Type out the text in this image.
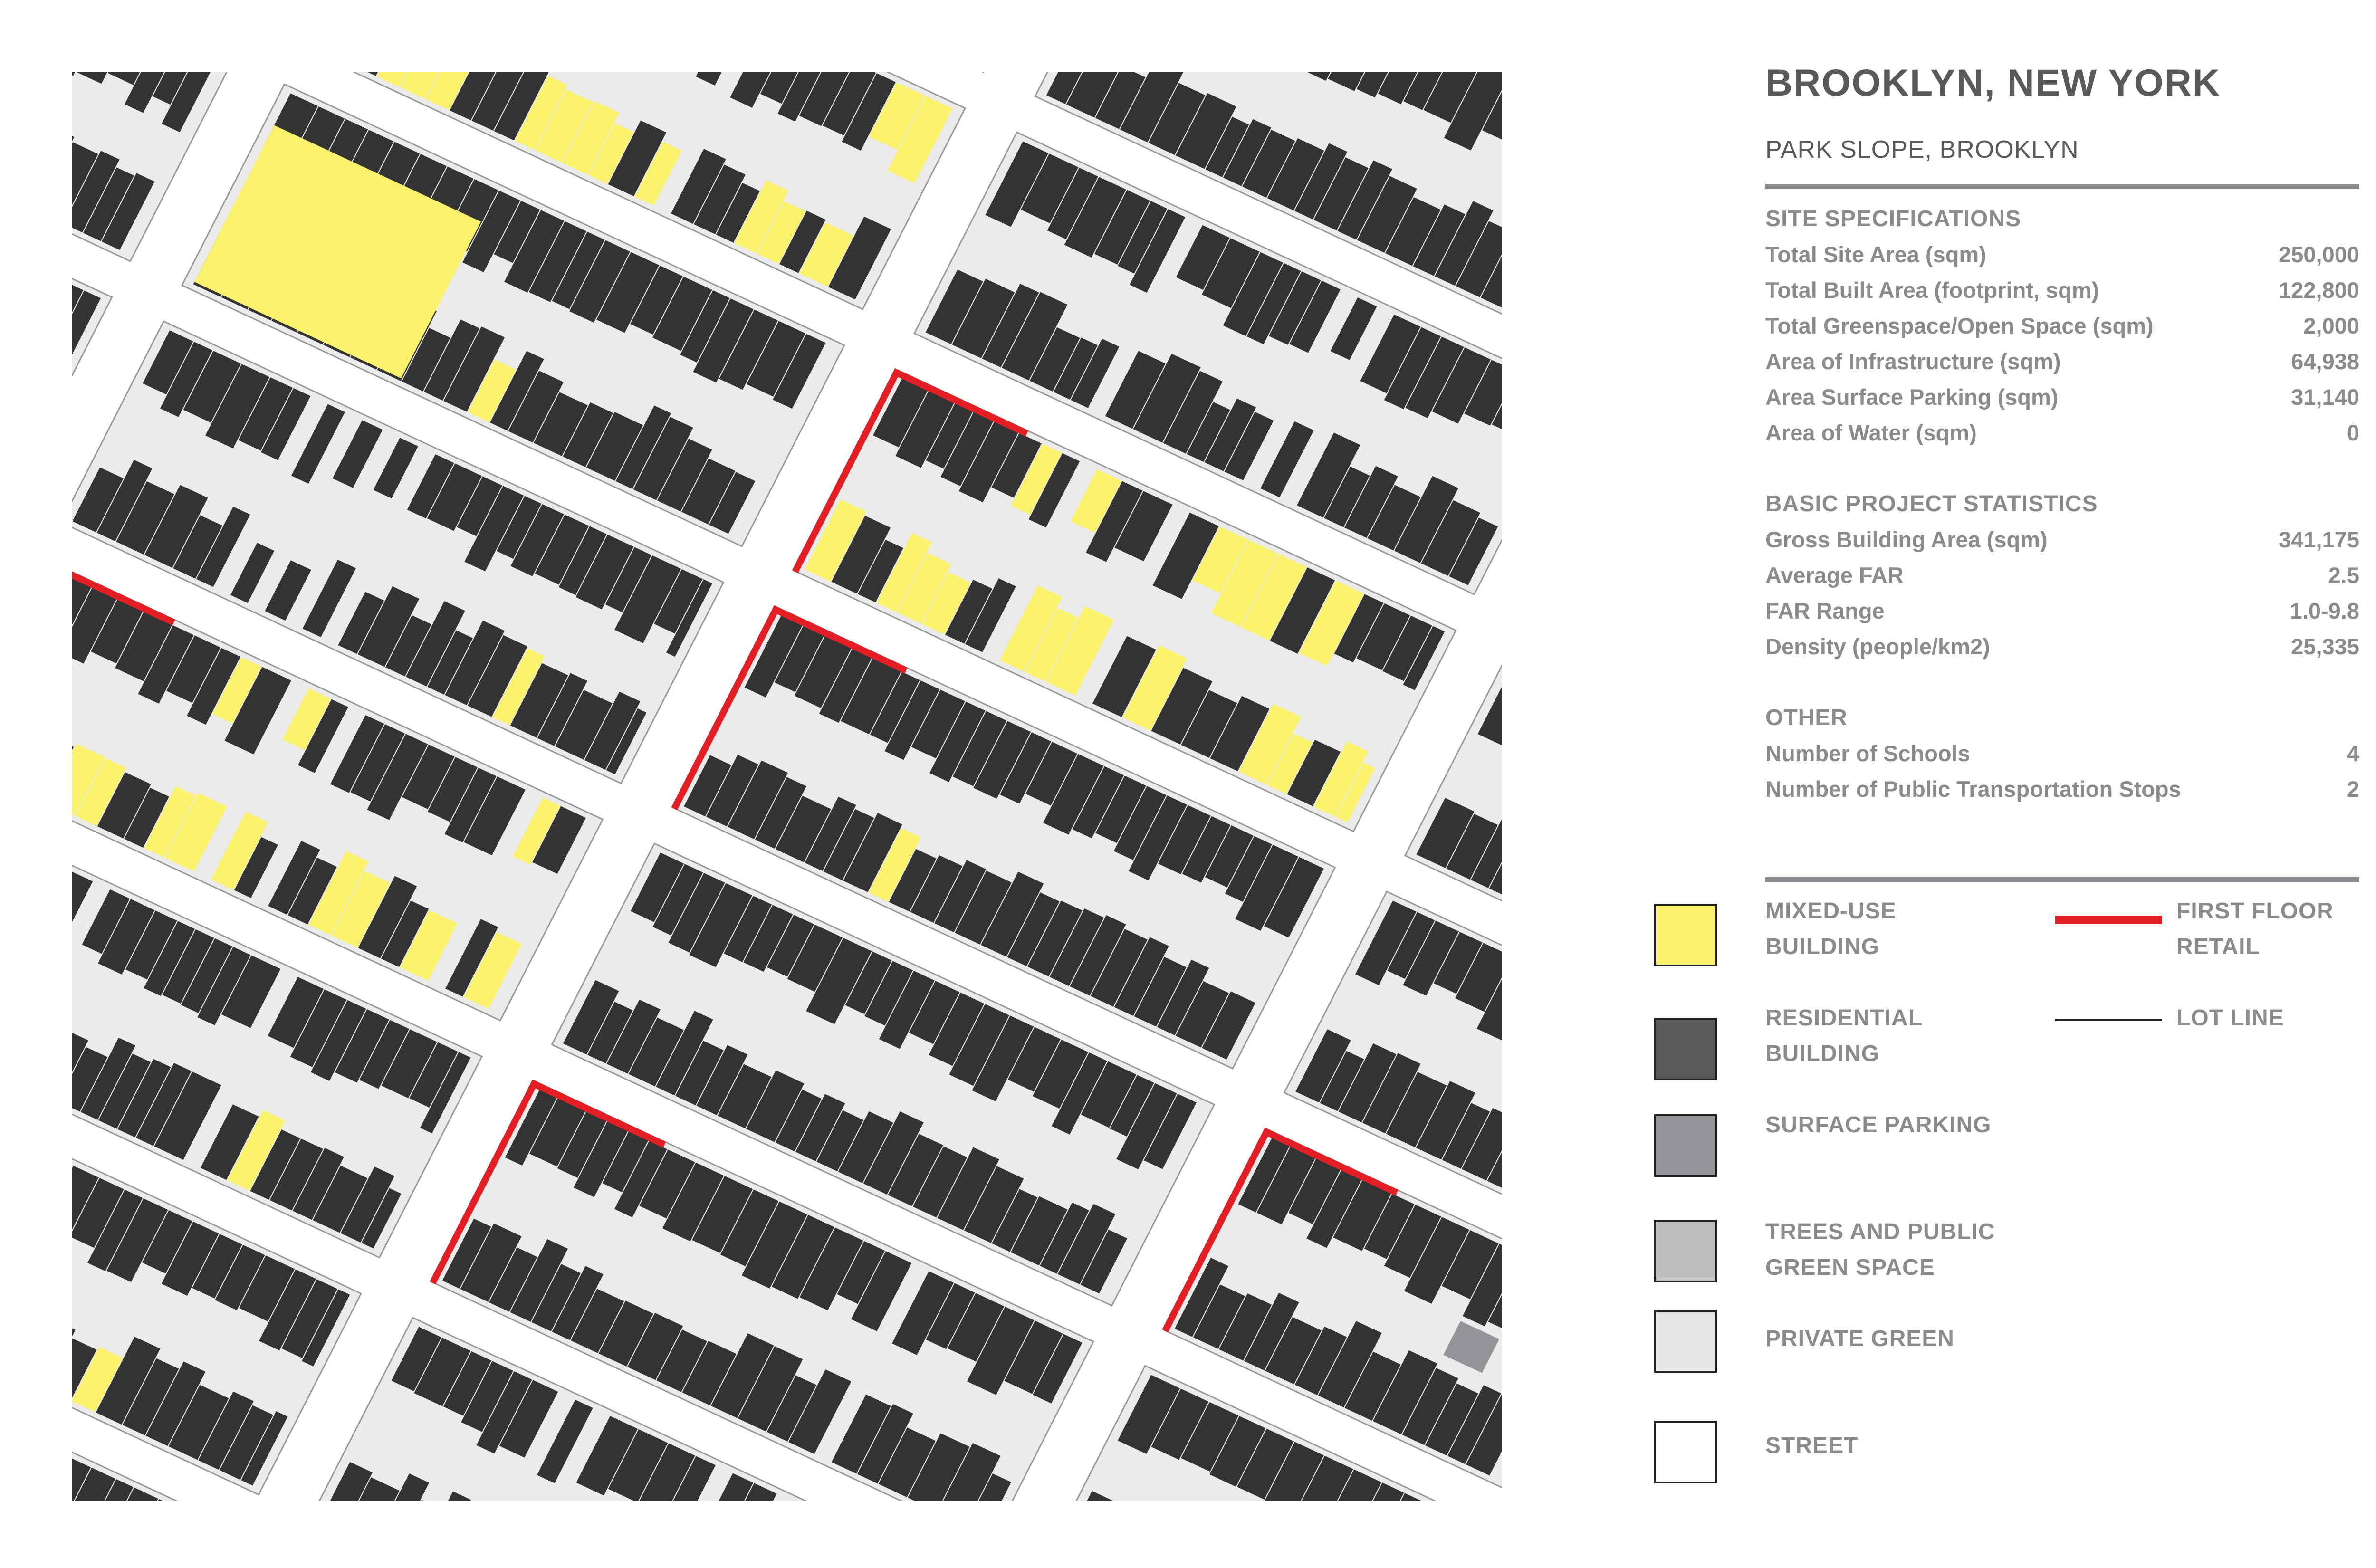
BROOKLYN, NEW YORK
PARK SLOPE, BROOKLYN
SITE SPECIFICATIONS
Total Site Area (sqm)	250,000
Total Built Area (footprint, sqm)	122,800
Total Greenspace/Open Space (sqm)	2,000
Area of Infrastructure (sqm)	64,938
Area Surface Parking (sqm)	31,140
Area of Water (sqm)	0
BASIC PROJECT STATISTICS
Gross Building Area (sqm)	341,175
Average FAR	2.5
FAR Range	1.0-9.8
Density (people/km2)	25,335
OTHER
Number of Schools	4
Number of Public Transportation Stops	2
MIXED-USE
BUILDING
RESIDENTIAL
BUILDING
SURFACE PARKING
TREES AND PUBLIC
GREEN SPACE
PRIVATE GREEN
STREET
FIRST FLOOR
RETAIL
LOT LINE
